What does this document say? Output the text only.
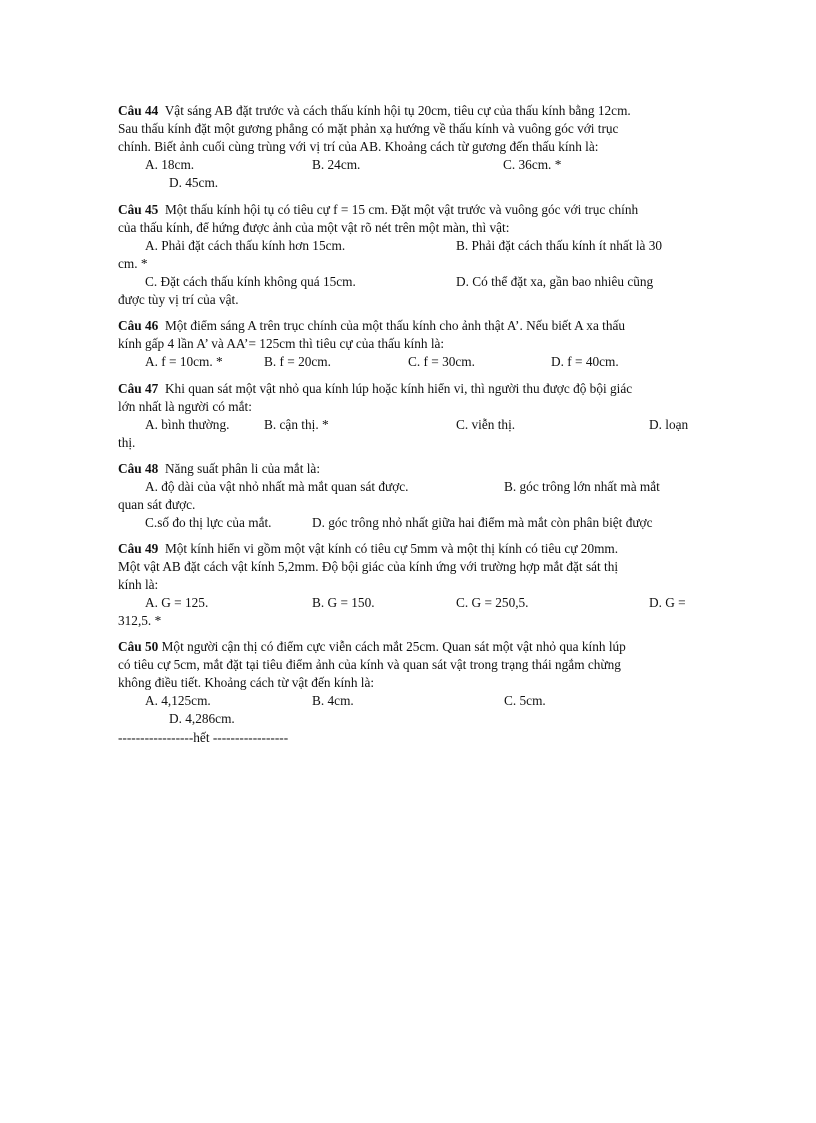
Câu 44 Vật sáng AB đặt trước và cách thấu kính hội tụ 20cm, tiêu cự của thấu kính bằng 12cm.
Sau thấu kính đặt một gương phẳng có mặt phản xạ hướng về thấu kính và vuông góc với trục
chính. Biết ảnh cuối cùng trùng với vị trí của AB. Khoảng cách từ gương đến thấu kính là:
A. 18cm.	B. 24cm.	C. 36cm. *
D. 45cm.
Câu 45 Một thấu kính hội tụ có tiêu cự f = 15 cm. Đặt một vật trước và vuông góc với trục chính
của thấu kính, để hứng được ảnh của một vật rõ nét trên một màn, thì vật:
A. Phải đặt cách thấu kính hơn 15cm.	B. Phải đặt cách thấu kính ít nhất là 30
cm. *
C. Đặt cách thấu kính không quá 15cm.	D. Có thể đặt xa, gần bao nhiêu cũng
được tùy vị trí của vật.
Câu 46 Một điểm sáng A trên trục chính của một thấu kính cho ảnh thật A’. Nếu biết A xa thấu
kính gấp 4 lần A’ và AA’= 125cm thì tiêu cự của thấu kính là:
A. f = 10cm. *	B. f = 20cm.	C. f = 30cm.	D. f = 40cm.
Câu 47 Khi quan sát một vật nhỏ qua kính lúp hoặc kính hiển vi, thì người thu được độ bội giác
lớn nhất là người có mắt:
A. bình thường.	B. cận thị. *	C. viễn thị.	D. loạn
thị.
Câu 48 Năng suất phân li của mắt là:
A. độ dài của vật nhỏ nhất mà mắt quan sát được.	B. góc trông lớn nhất mà mắt
quan sát được.
C.số đo thị lực của mắt.	D. góc trông nhỏ nhất giữa hai điểm mà mắt còn phân biệt được
Câu 49 Một kính hiển vi gồm một vật kính có tiêu cự 5mm và một thị kính có tiêu cự 20mm.
Một vật AB đặt cách vật kính 5,2mm. Độ bội giác của kính ứng với trường hợp mắt đặt sát thị
kính là:
A. G = 125.	B. G = 150.	C. G = 250,5.	D. G =
312,5. *
Câu 50 Một người cận thị có điểm cực viễn cách mắt 25cm. Quan sát một vật nhỏ qua kính lúp
có tiêu cự 5cm, mắt đặt tại tiêu điểm ảnh của kính và quan sát vật trong trạng thái ngắm chừng
không điều tiết. Khoảng cách từ vật đến kính là:
A. 4,125cm.	B. 4cm.	C. 5cm.
D. 4,286cm.
-----------------hết -----------------
